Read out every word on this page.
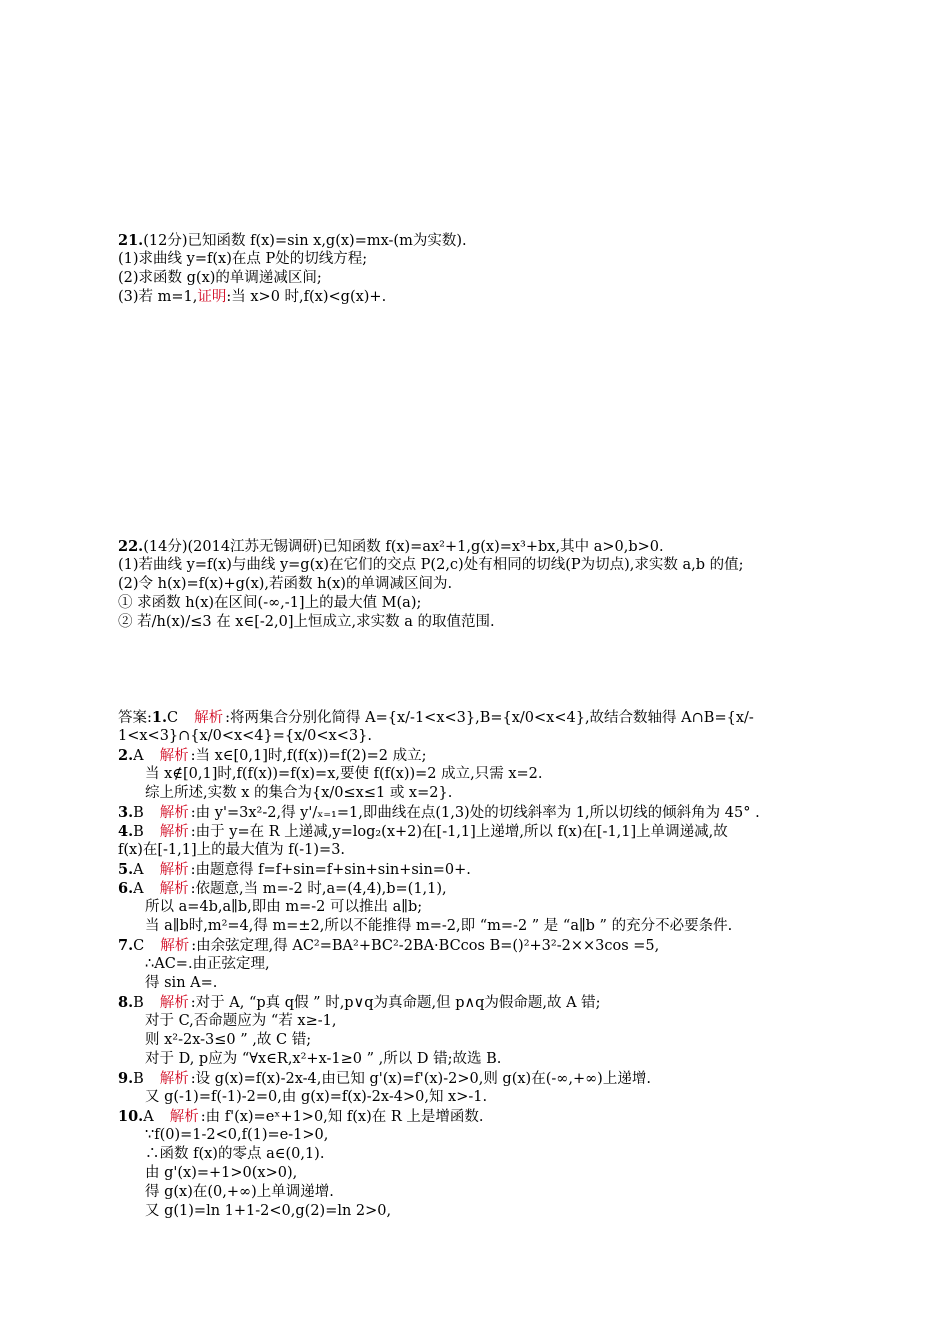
21.(12分)已知函数 f(x)=sin x,g(x)=mx-(m为实数).
(1)求曲线 y=f(x)在点 P处的切线方程;
(2)求函数 g(x)的单调递减区间;
(3)若 m=1,证明:当 x>0 时,f(x)<g(x)+.
22.(14分)(2014江苏无锡调研)已知函数 f(x)=ax²+1,g(x)=x³+bx,其中 a>0,b>0.
(1)若曲线 y=f(x)与曲线 y=g(x)在它们的交点 P(2,c)处有相同的切线(P为切点),求实数 a,b 的值;
(2)令 h(x)=f(x)+g(x),若函数 h(x)的单调减区间为.
① 求函数 h(x)在区间(-∞,-1]上的最大值 M(a);
② 若/h(x)/≤3 在 x∈[-2,0]上恒成立,求实数 a 的取值范围.
答案:1.C 解析 :将两集合分别化简得 A={x/-1<x<3},B={x/0<x<4},故结合数轴得 A∩B={x/-
1<x<3}∩{x/0<x<4}={x/0<x<3}.
2.A 解析 :当 x∈[0,1]时,f(f(x))=f(2)=2 成立;
当 x∉[0,1]时,f(f(x))=f(x)=x,要使 f(f(x))=2 成立,只需 x=2.
综上所述,实数 x 的集合为{x/0≤x≤1 或 x=2}.
3.B 解析 :由 y'=3x²-2,得 y'/ₓ₌₁=1,即曲线在点(1,3)处的切线斜率为 1,所以切线的倾斜角为 45° .
4.B 解析 :由于 y=在 R 上递减,y=log₂(x+2)在[-1,1]上递增,所以 f(x)在[-1,1]上单调递减,故
f(x)在[-1,1]上的最大值为 f(-1)=3.
5.A 解析 :由题意得 f=f+sin=f+sin+sin+sin=0+.
6.A 解析 :依题意,当 m=-2 时,a=(4,4),b=(1,1),
所以 a=4b,a∥b,即由 m=-2 可以推出 a∥b;
当 a∥b时,m²=4,得 m=±2,所以不能推得 m=-2,即 “m=-2 ” 是 “a∥b ” 的充分不必要条件.
7.C 解析 :由余弦定理,得 AC²=BA²+BC²-2BA·BCcos B=()²+3²-2××3cos =5,
∴AC=.由正弦定理,
得 sin A=.
8.B 解析 :对于 A, “p真 q假 ” 时,p∨q为真命题,但 p∧q为假命题,故 A 错;
对于 C,否命题应为 “若 x≥-1,
则 x²-2x-3≤0 ” ,故 C 错;
对于 D, p应为 “∀x∈R,x²+x-1≥0 ” ,所以 D 错;故选 B.
9.B 解析 :设 g(x)=f(x)-2x-4,由已知 g'(x)=f'(x)-2>0,则 g(x)在(-∞,+∞)上递增.
又 g(-1)=f(-1)-2=0,由 g(x)=f(x)-2x-4>0,知 x>-1.
10.A 解析 :由 f'(x)=eˣ+1>0,知 f(x)在 R 上是增函数.
∵f(0)=1-2<0,f(1)=e-1>0,
∴函数 f(x)的零点 a∈(0,1).
由 g'(x)=+1>0(x>0),
得 g(x)在(0,+∞)上单调递增.
又 g(1)=ln 1+1-2<0,g(2)=ln 2>0,
